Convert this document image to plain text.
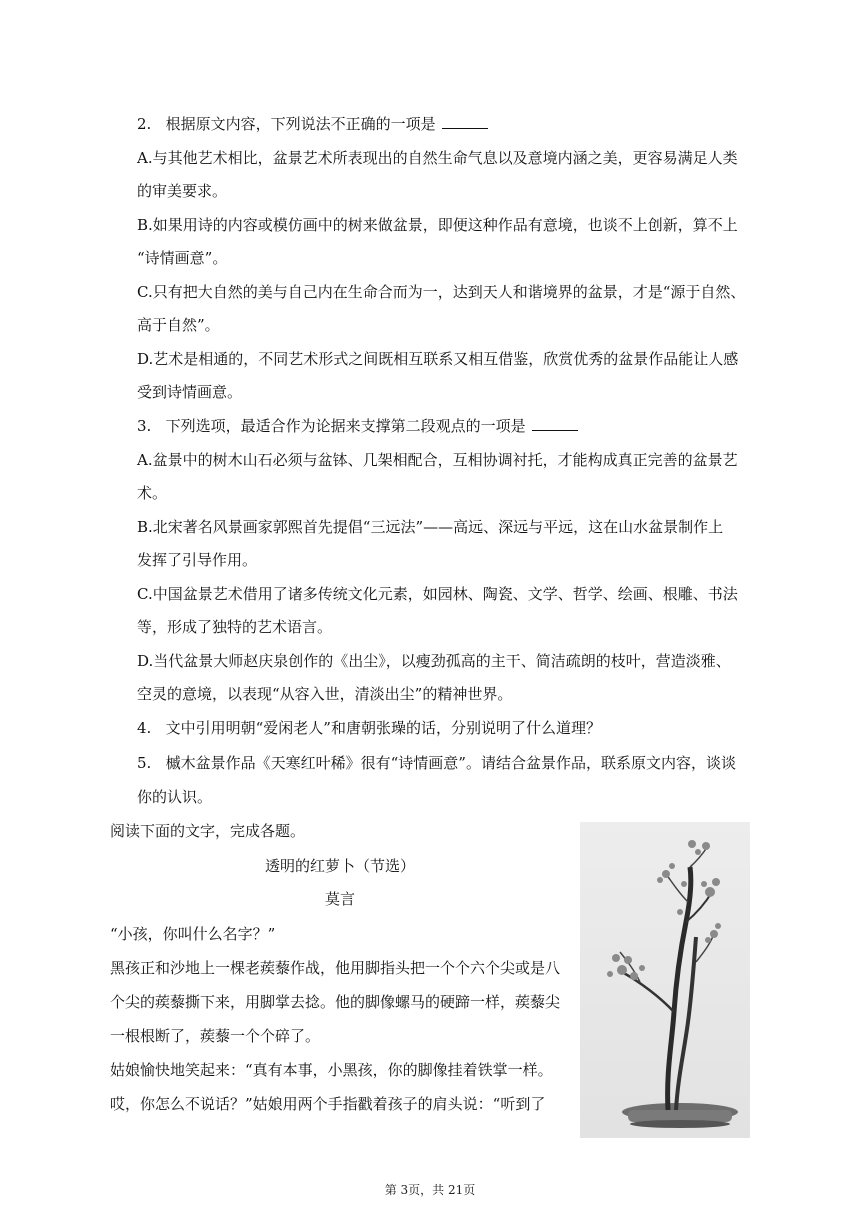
2.   根据原文内容，下列说法不正确的一项是
A.与其他艺术相比，盆景艺术所表现出的自然生命气息以及意境内涵之美，更容易满足人类
的审美要求。
B.如果用诗的内容或模仿画中的树来做盆景，即便这种作品有意境，也谈不上创新，算不上
“诗情画意”。
C.只有把大自然的美与自己内在生命合而为一，达到天人和谐境界的盆景，才是“源于自然、
高于自然”。
D.艺术是相通的，不同艺术形式之间既相互联系又相互借鉴，欣赏优秀的盆景作品能让人感
受到诗情画意。
3.   下列选项，最适合作为论据来支撑第二段观点的一项是
A.盆景中的树木山石必须与盆钵、几架相配合，互相协调衬托，才能构成真正完善的盆景艺
术。
B.北宋著名风景画家郭熙首先提倡“三远法”——高远、深远与平远，这在山水盆景制作上
发挥了引导作用。
C.中国盆景艺术借用了诸多传统文化元素，如园林、陶瓷、文学、哲学、绘画、根雕、书法
等，形成了独特的艺术语言。
D.当代盆景大师赵庆泉创作的《出尘》，以瘦劲孤高的主干、简洁疏朗的枝叶，营造淡雅、
空灵的意境，以表现“从容入世，清淡出尘”的精神世界。
4.   文中引用明朝“爱闲老人”和唐朝张璪的话，分别说明了什么道理？
5.   槭木盆景作品《天寒红叶稀》很有“诗情画意”。请结合盆景作品，联系原文内容，谈谈
你的认识。
阅读下面的文字，完成各题。
透明的红萝卜（节选）
莫言
“小孩，你叫什么名字？”
黑孩正和沙地上一棵老蒺藜作战，他用脚指头把一个个六个尖或是八
个尖的蒺藜撕下来，用脚掌去捻。他的脚像螺马的硬蹄一样，蒺藜尖
一根根断了，蒺藜一个个碎了。
姑娘愉快地笑起来：“真有本事，小黑孩，你的脚像挂着铁掌一样。
哎，你怎么不说话？”姑娘用两个手指戳着孩子的肩头说：“听到了
第 3页，共 21页
